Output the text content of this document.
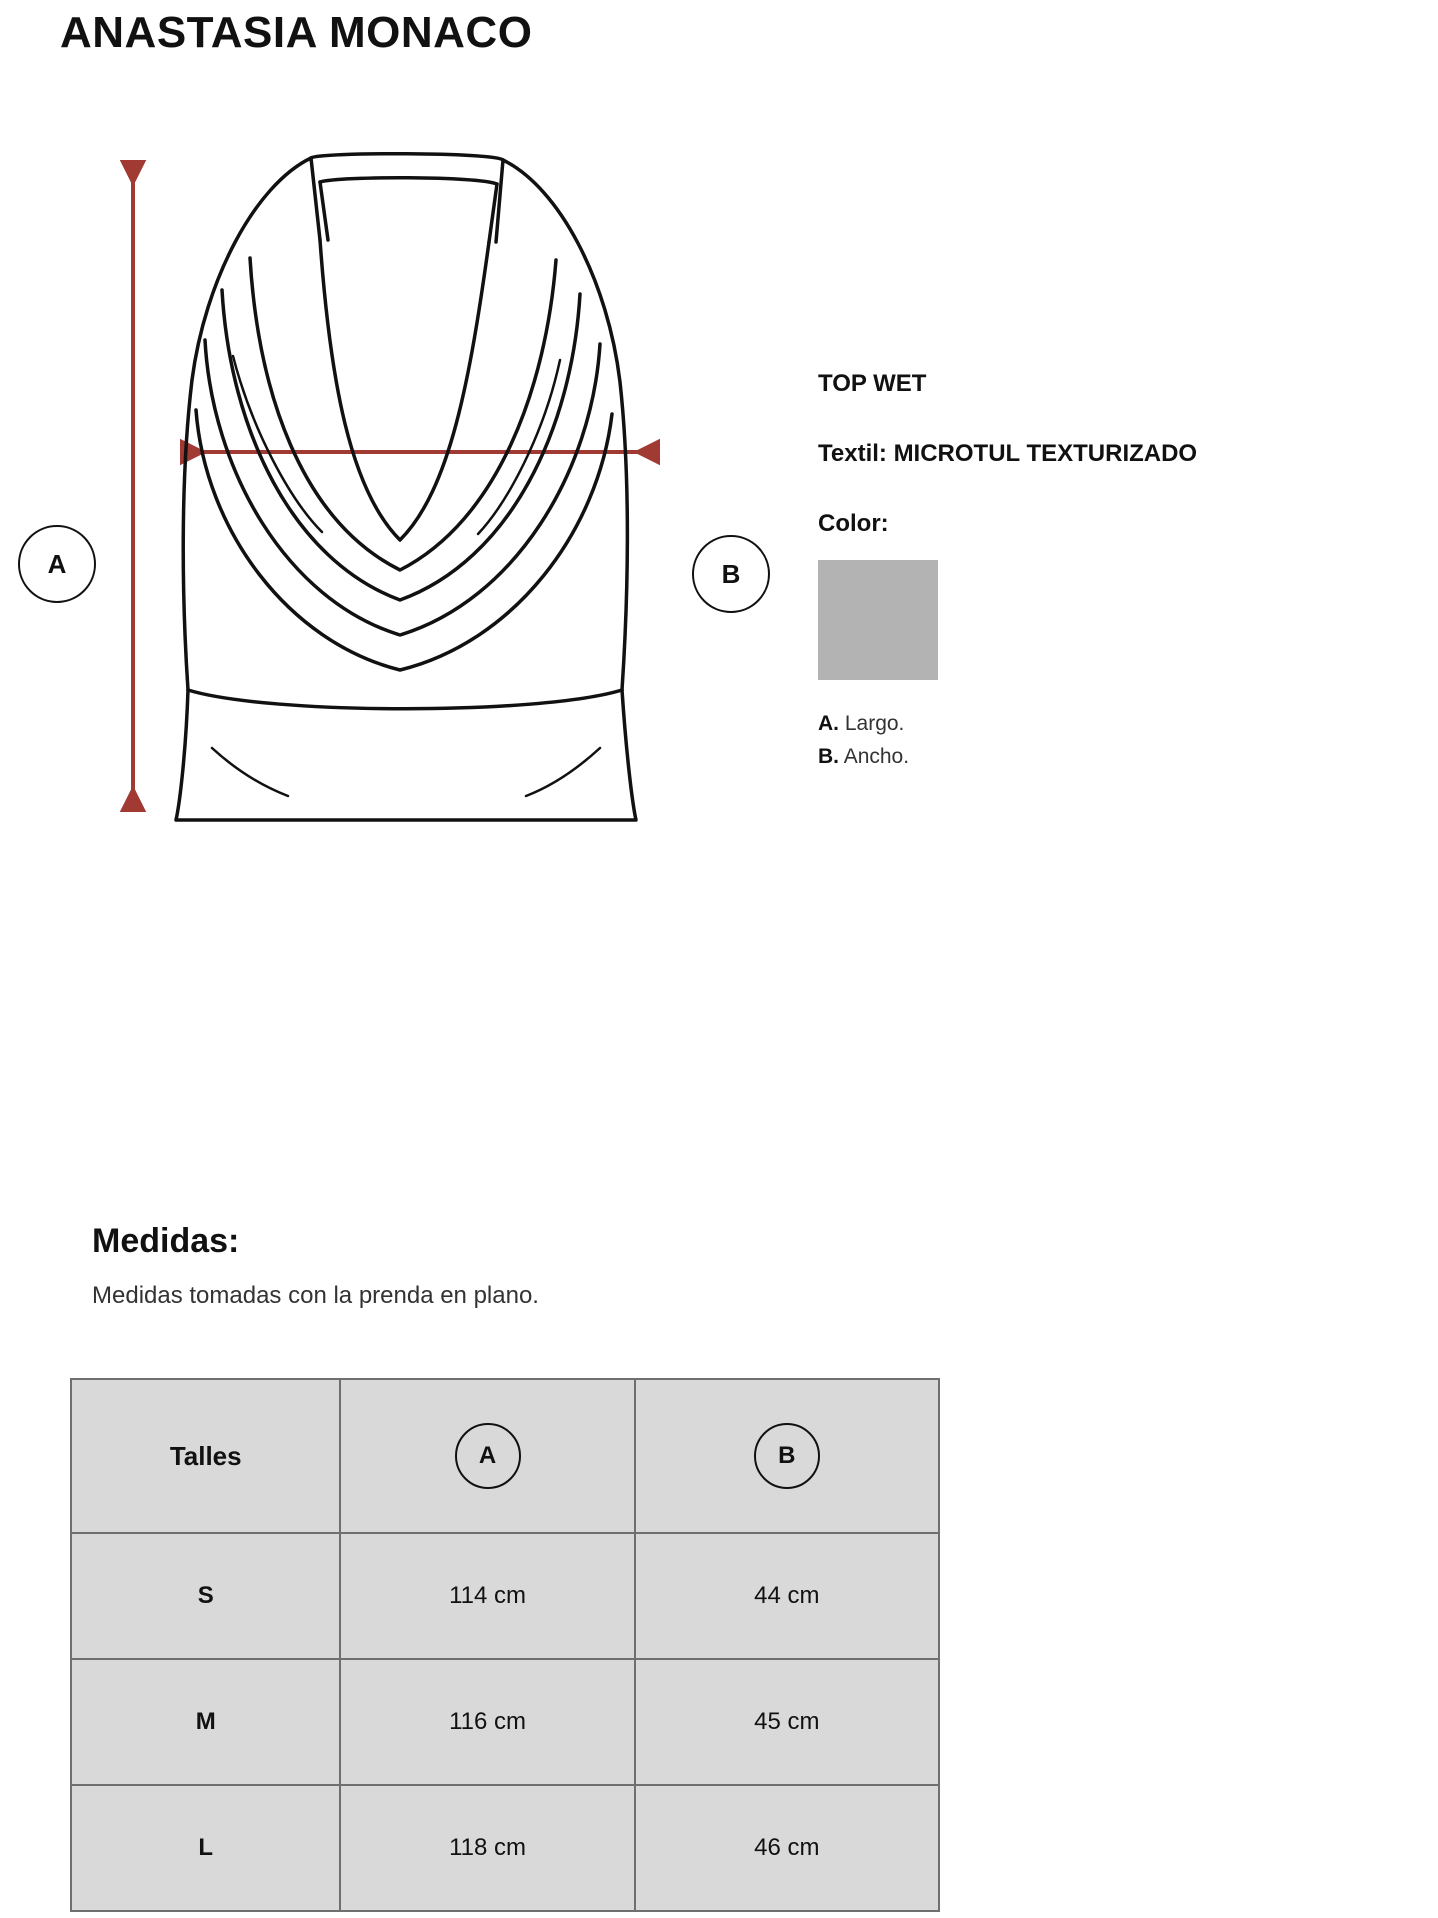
ANASTASIA MONACO
A	B
TOP WET
Textil: MICROTUL TEXTURIZADO
Color:
A. Largo.
B. Ancho.
Medidas:
Medidas tomadas con la prenda en plano.
Talles	A	B
S	114 cm	44 cm
M	116 cm	45 cm
L	118 cm	46 cm
